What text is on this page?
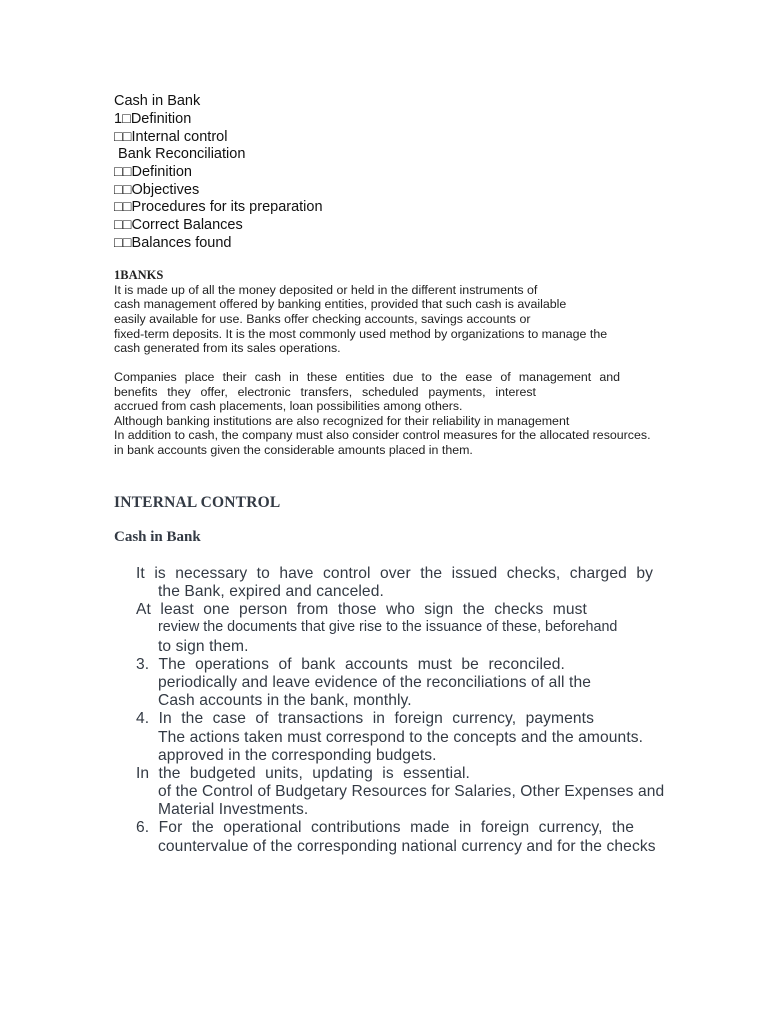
Cash in Bank
1□Definition
□□Internal control
Bank Reconciliation
□□Definition
□□Objectives
□□Procedures for its preparation
□□Correct Balances
□□Balances found
1BANKS
It is made up of all the money deposited or held in the different instruments of
cash management offered by banking entities, provided that such cash is available
easily available for use. Banks offer checking accounts, savings accounts or
fixed-term deposits. It is the most commonly used method by organizations to manage the
cash generated from its sales operations.
Companies place their cash in these entities due to the ease of management and
benefits they offer, electronic transfers, scheduled payments, interest
accrued from cash placements, loan possibilities among others.
Although banking institutions are also recognized for their reliability in management
In addition to cash, the company must also consider control measures for the allocated resources.
in bank accounts given the considerable amounts placed in them.
INTERNAL CONTROL
Cash in Bank
It is necessary to have control over the issued checks, charged by
the Bank, expired and canceled.
At least one person from those who sign the checks must
review the documents that give rise to the issuance of these, beforehand
to sign them.
3. The operations of bank accounts must be reconciled.
periodically and leave evidence of the reconciliations of all the
Cash accounts in the bank, monthly.
4. In the case of transactions in foreign currency, payments
The actions taken must correspond to the concepts and the amounts.
approved in the corresponding budgets.
In the budgeted units, updating is essential.
of the Control of Budgetary Resources for Salaries, Other Expenses and
Material Investments.
6. For the operational contributions made in foreign currency, the
countervalue of the corresponding national currency and for the checks
